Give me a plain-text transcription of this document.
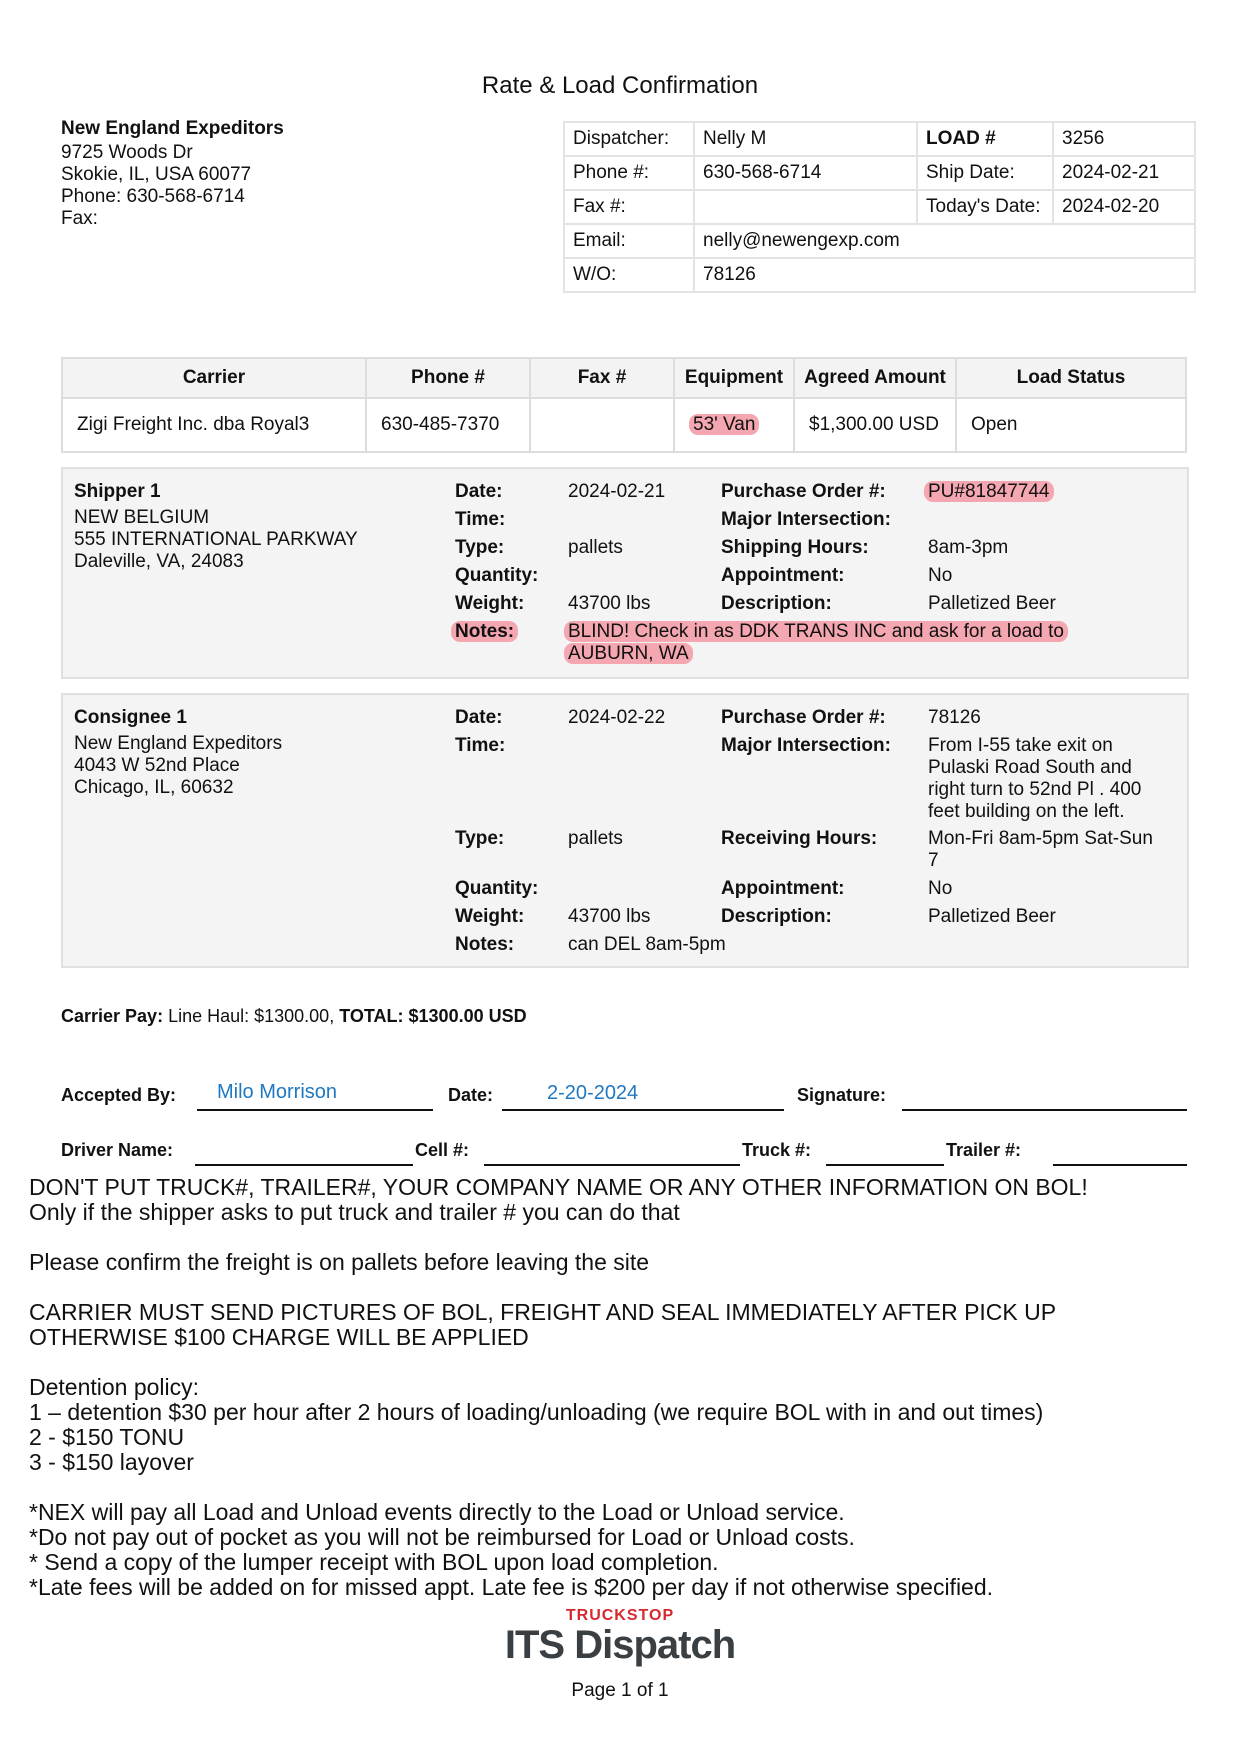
Rate & Load Confirmation
New England Expeditors
9725 Woods Dr
Skokie, IL, USA 60077
Phone: 630-568-6714
Fax:
Dispatcher:	Nelly M	LOAD #	3256
Phone #:	630-568-6714	Ship Date:	2024-02-21
Fax #:		Today's Date:	2024-02-20
Email:	nelly@newengexp.com		
W/O:	78126		
Carrier	Phone #	Fax #	Equipment	Agreed Amount	Load Status
Zigi Freight Inc. dba Royal3	630-485-7370		53' Van	$1,300.00 USD	Open
Shipper 1
NEW BELGIUM
555 INTERNATIONAL PARKWAY
Daleville, VA, 24083
Date:	2024-02-21
Time:
Type:	pallets
Quantity:
Weight: 43700 lbs
Notes:	BLIND! Check in as DDK TRANS INC and ask for a load to
AUBURN, WA
Purchase Order #: PU#81847744
Major Intersection:
Shipping Hours:	8am-3pm
Appointment:	No
Description:	Palletized Beer
Consignee 1
New England Expeditors
4043 W 52nd Place
Chicago, IL, 60632
Date:	2024-02-22
Time:
Type:	pallets
Quantity:
Weight: 43700 lbs
Notes:	can DEL 8am-5pm
Purchase Order #: 78126
Major Intersection: From I-55 take exit on
Pulaski Road South and
right turn to 52nd Pl . 400
feet building on the left.
Receiving Hours:	Mon-Fri 8am-5pm Sat-Sun
7
Appointment:	No
Description:	Palletized Beer
Carrier Pay: Line Haul: $1300.00, TOTAL: $1300.00 USD
Accepted By: Milo Morrison	Date:	2-20-2024	Signature:
Driver Name:	Cell #:	Truck #:	Trailer #:

DON'T PUT TRUCK#, TRAILER#, YOUR COMPANY NAME OR ANY OTHER INFORMATION ON BOL!
Only if the shipper asks to put truck and trailer # you can do that

Please confirm the freight is on pallets before leaving the site

CARRIER MUST SEND PICTURES OF BOL, FREIGHT AND SEAL IMMEDIATELY AFTER PICK UP
OTHERWISE $100 CHARGE WILL BE APPLIED

Detention policy:
1 – detention $30 per hour after 2 hours of loading/unloading (we require BOL with in and out times)
2 - $150 TONU
3 - $150 layover

*NEX will pay all Load and Unload events directly to the Load or Unload service.
*Do not pay out of pocket as you will not be reimbursed for Load or Unload costs.
* Send a copy of the lumper receipt with BOL upon load completion.
*Late fees will be added on for missed appt. Late fee is $200 per day if not otherwise specified.

TRUCKSTOP
ITS Dispatch
Page 1 of 1
